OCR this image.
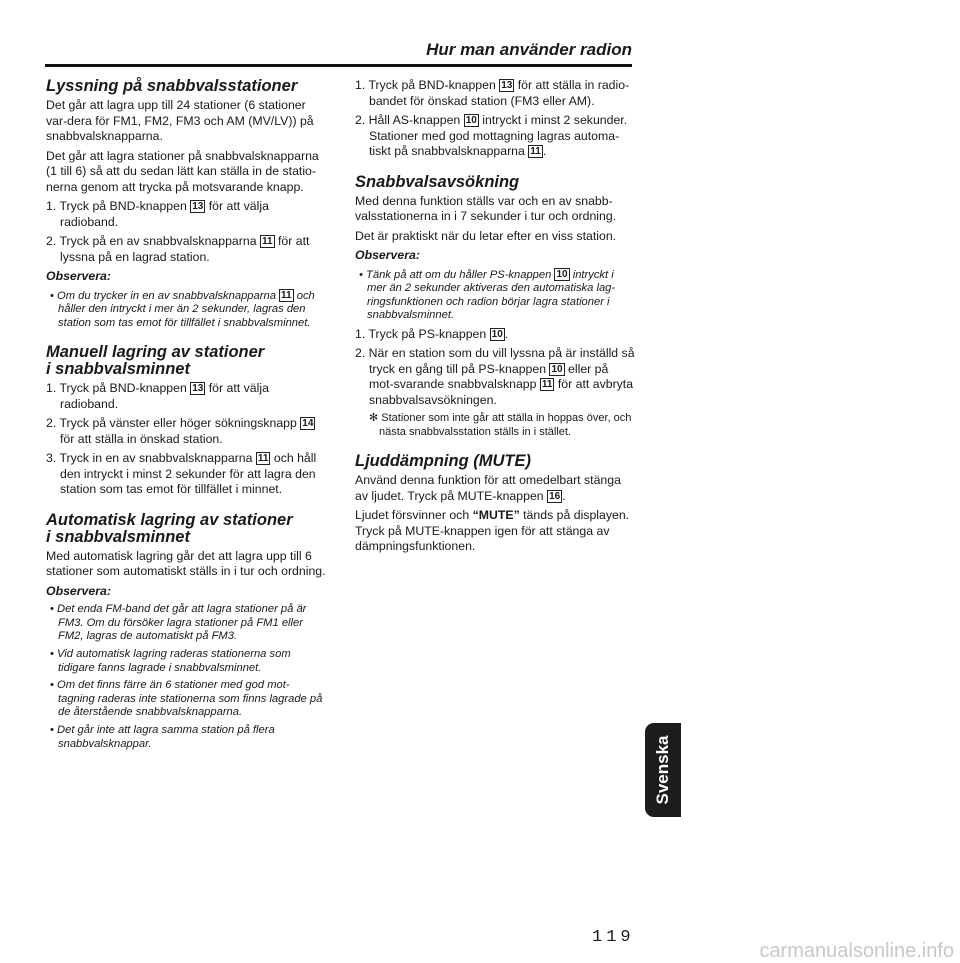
Hur man använder radion
Lyssning på snabbvalsstationer

Det går att lagra upp till 24 stationer (6 stationer var-dera för FM1, FM2, FM3 och AM (MV/LV)) på snabbvalsknapparna.

Det går att lagra stationer på snabbvalsknapparna (1 till 6) så att du sedan lätt kan ställa in de statio-nerna genom att trycka på motsvarande knapp.

1. Tryck på BND-knappen 13 för att välja radioband.

2. Tryck på en av snabbvalsknapparna 11 för att lyssna på en lagrad station.

Observera:

• Om du trycker in en av snabbvalsknapparna 11 och håller den intryckt i mer än 2 sekunder, lagras den station som tas emot för tillfället i snabbvalsminnet.

Manuell lagring av stationer
i snabbvalsminnet

1. Tryck på BND-knappen 13 för att välja radioband.

2. Tryck på vänster eller höger sökningsknapp 14 för att ställa in önskad station.

3. Tryck in en av snabbvalsknapparna 11 och håll den intryckt i minst 2 sekunder för att lagra den station som tas emot för tillfället i minnet.

Automatisk lagring av stationer
i snabbvalsminnet

Med automatisk lagring går det att lagra upp till 6 stationer som automatiskt ställs in i tur och ordning.

Observera:

• Det enda FM-band det går att lagra stationer på är FM3. Om du försöker lagra stationer på FM1 eller FM2, lagras de automatiskt på FM3.

• Vid automatisk lagring raderas stationerna som tidigare fanns lagrade i snabbvalsminnet.

• Om det finns färre än 6 stationer med god mot-tagning raderas inte stationerna som finns lagrade på de återstående snabbvalsknapparna.

• Det går inte att lagra samma station på flera snabbvalsknappar.

1. Tryck på BND-knappen 13 för att ställa in radio-bandet för önskad station (FM3 eller AM).

2. Håll AS-knappen 10 intryckt i minst 2 sekunder. Stationer med god mottagning lagras automa-tiskt på snabbvalsknapparna 11 .

Snabbvalsavsökning

Med denna funktion ställs var och en av snabb-valsstationerna in i 7 sekunder i tur och ordning.

Det är praktiskt när du letar efter en viss station.

Observera:

• Tänk på att om du håller PS-knappen 10 intryckt i mer än 2 sekunder aktiveras den automatiska lag-ringsfunktionen och radion börjar lagra stationer i snabbvalsminnet.

1. Tryck på PS-knappen 10 .

2. När en station som du vill lyssna på är inställd så tryck en gång till på PS-knappen 10 eller på mot-svarande snabbvalsknapp 11 för att avbryta snabbvalsavsökningen.

✻ Stationer som inte går att ställa in hoppas över, och nästa snabbvalsstation ställs in i stället.

Ljuddämpning (MUTE)

Använd denna funktion för att omedelbart stänga av ljudet. Tryck på MUTE-knappen 16 .

Ljudet försvinner och “MUTE” tänds på displayen. Tryck på MUTE-knappen igen för att stänga av dämpningsfunktionen.

Svenska
119
carmanualsonline.info
